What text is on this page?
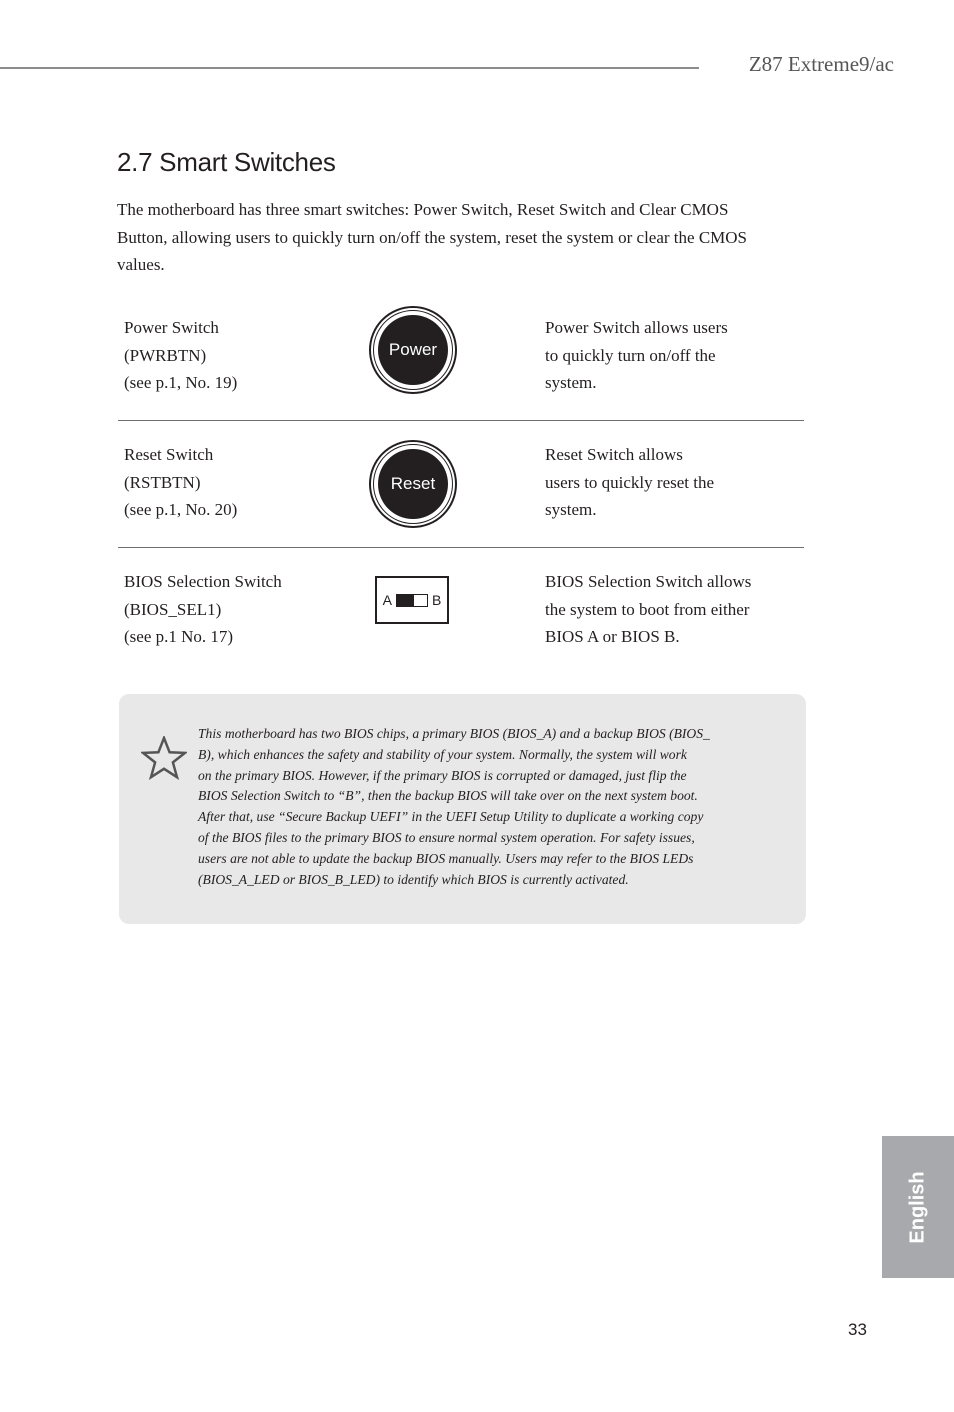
Z87 Extreme9/ac
2.7 Smart Switches

The motherboard has three smart switches: Power Switch, Reset Switch and Clear CMOS Button, allowing users to quickly turn on/off the system, reset the system or clear the CMOS values.

Power Switch
(PWRBTN)
(see p.1, No. 19)
Power
Power Switch allows users
to quickly turn on/off the
system.
Reset Switch
(RSTBTN)
(see p.1, No. 20)
Reset
Reset Switch allows
users to quickly reset the
system.
BIOS Selection Switch
(BIOS_SEL1)
(see p.1 No. 17)
A	B
BIOS Selection Switch allows
the system to boot from either
BIOS A or BIOS B.
This motherboard has two BIOS chips, a primary BIOS (BIOS_A) and a backup BIOS (BIOS_
B), which enhances the safety and stability of your system. Normally, the system will work
on the primary BIOS. However, if the primary BIOS is corrupted or damaged, just flip the
BIOS Selection Switch to “B”, then the backup BIOS will take over on the next system boot.
After that, use “Secure Backup UEFI” in the UEFI Setup Utility to duplicate a working copy
of the BIOS files to the primary BIOS to ensure normal system operation. For safety issues,
users are not able to update the backup BIOS manually. Users may refer to the BIOS LEDs
(BIOS_A_LED or BIOS_B_LED) to identify which BIOS is currently activated.
English
33
